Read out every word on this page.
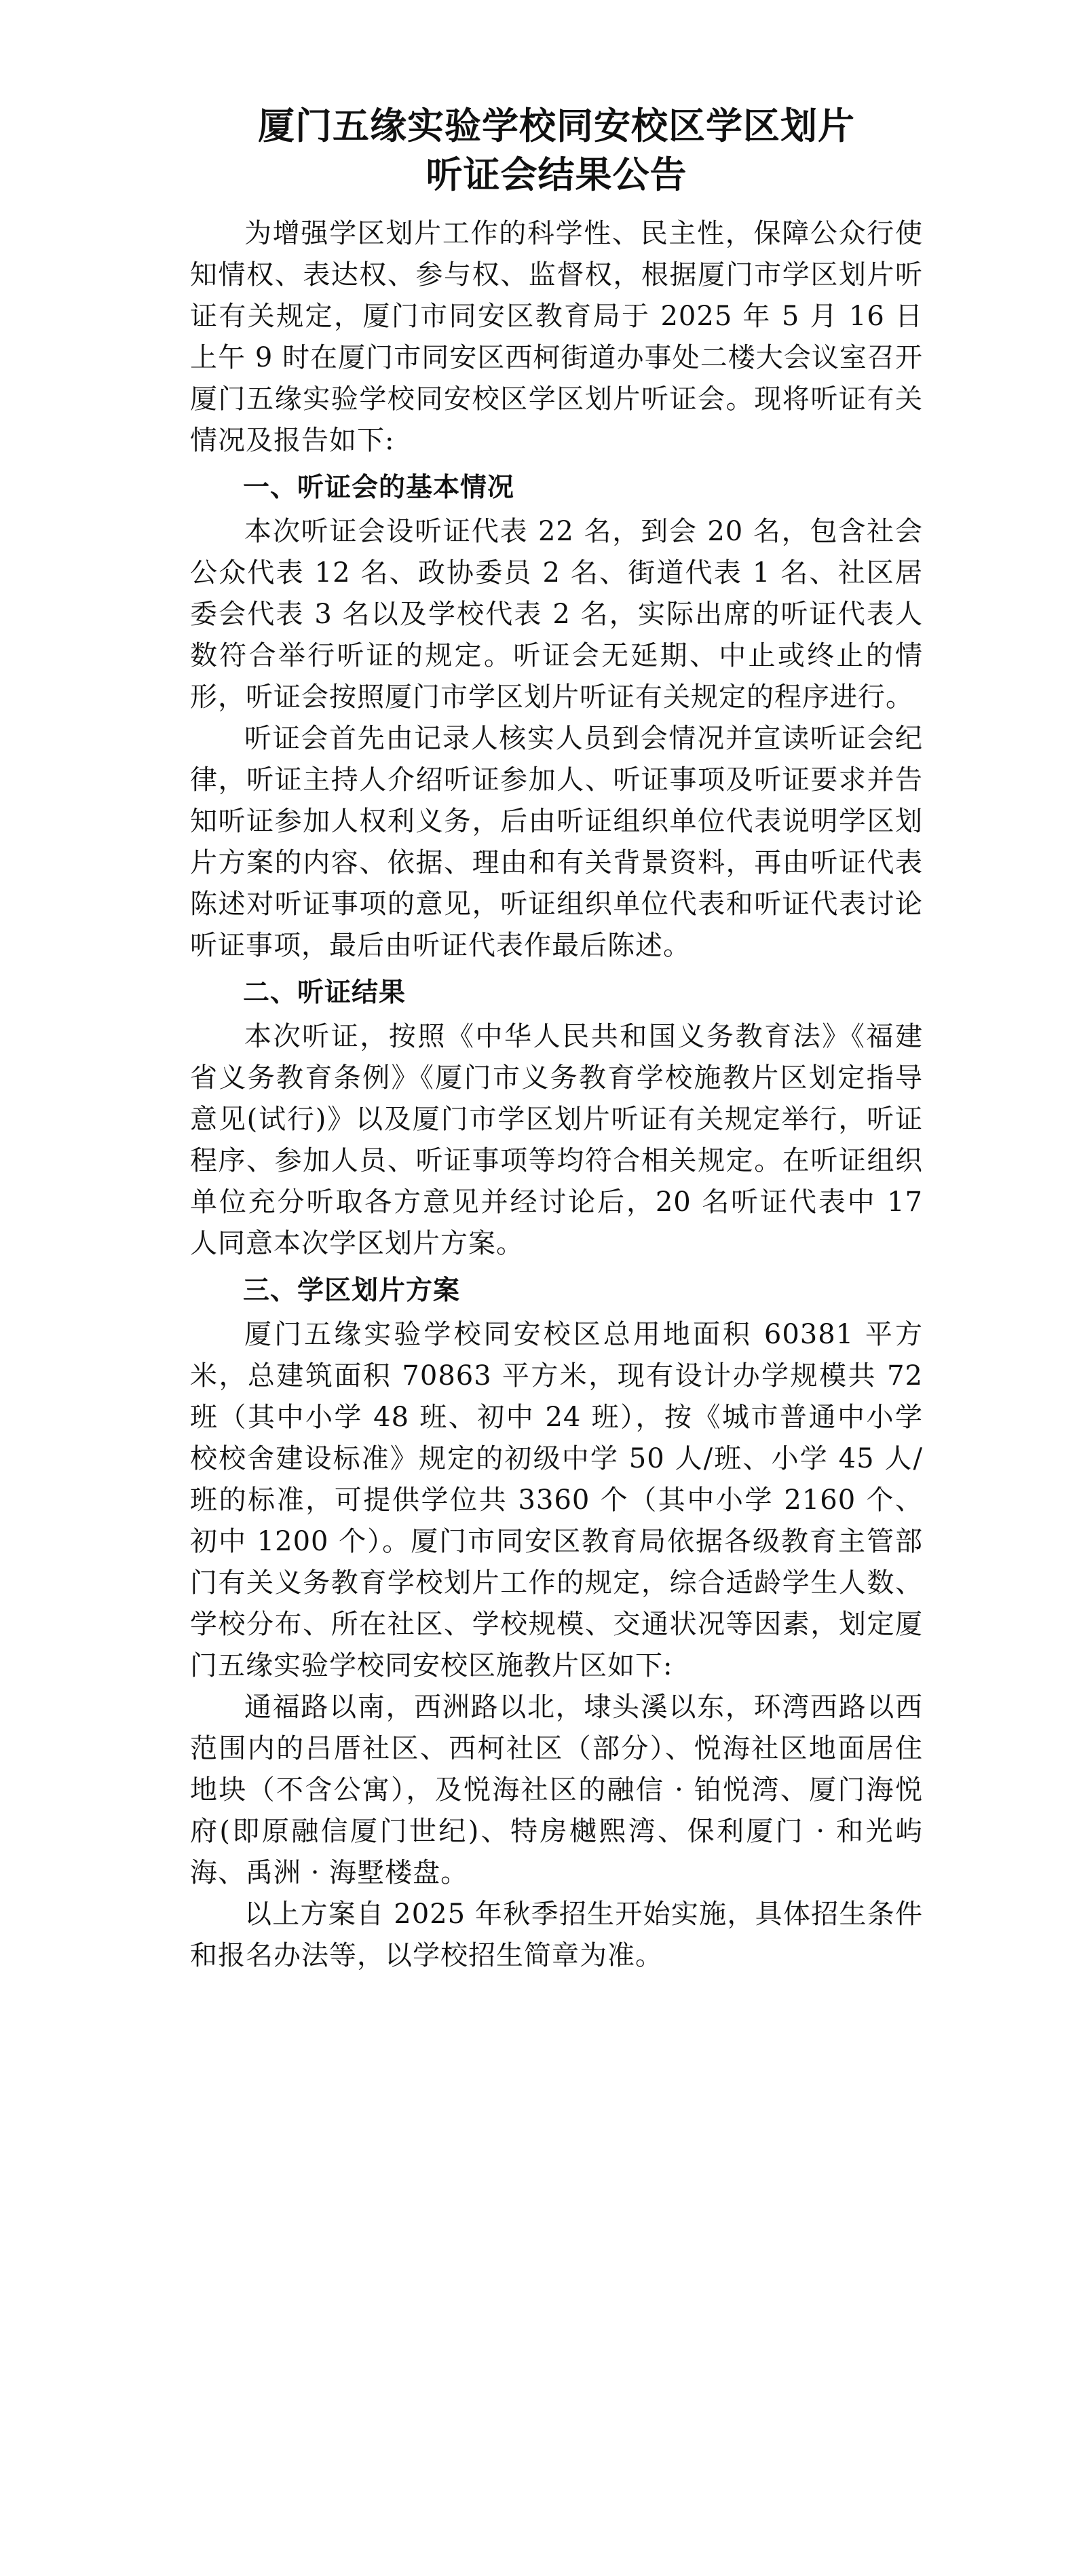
厦门五缘实验学校同安校区学区划片
听证会结果公告

为增强学区划片工作的科学性、民主性，保障公众行使知情权、表达权、参与权、监督权，根据厦门市学区划片听证有关规定，厦门市同安区教育局于 2025 年 5 月 16 日上午 9 时在厦门市同安区西柯街道办事处二楼大会议室召开厦门五缘实验学校同安校区学区划片听证会。现将听证有关情况及报告如下:

一、听证会的基本情况

本次听证会设听证代表 22 名，到会 20 名，包含社会公众代表 12 名、政协委员 2 名、街道代表 1 名、社区居委会代表 3 名以及学校代表 2 名，实际出席的听证代表人数符合举行听证的规定。听证会无延期、中止或终止的情形，听证会按照厦门市学区划片听证有关规定的程序进行。

听证会首先由记录人核实人员到会情况并宣读听证会纪律，听证主持人介绍听证参加人、听证事项及听证要求并告知听证参加人权利义务，后由听证组织单位代表说明学区划片方案的内容、依据、理由和有关背景资料，再由听证代表陈述对听证事项的意见，听证组织单位代表和听证代表讨论听证事项，最后由听证代表作最后陈述。

二、听证结果

本次听证，按照《中华人民共和国义务教育法》《福建省义务教育条例》《厦门市义务教育学校施教片区划定指导意见(试行)》以及厦门市学区划片听证有关规定举行，听证程序、参加人员、听证事项等均符合相关规定。在听证组织单位充分听取各方意见并经讨论后，20 名听证代表中 17 人同意本次学区划片方案。

三、学区划片方案

厦门五缘实验学校同安校区总用地面积 60381 平方米，总建筑面积 70863 平方米，现有设计办学规模共 72 班（其中小学 48 班、初中 24 班），按《城市普通中小学校校舍建设标准》规定的初级中学 50 人/班、小学 45 人/班的标准，可提供学位共 3360 个（其中小学 2160 个、初中 1200 个）。厦门市同安区教育局依据各级教育主管部门有关义务教育学校划片工作的规定，综合适龄学生人数、学校分布、所在社区、学校规模、交通状况等因素，划定厦门五缘实验学校同安校区施教片区如下:

通福路以南，西洲路以北，埭头溪以东，环湾西路以西范围内的吕厝社区、西柯社区（部分）、悦海社区地面居住地块（不含公寓），及悦海社区的融信 · 铂悦湾、厦门海悦府(即原融信厦门世纪)、特房樾熙湾、保利厦门 · 和光屿海、禹洲 · 海墅楼盘。

以上方案自 2025 年秋季招生开始实施，具体招生条件和报名办法等，以学校招生简章为准。
